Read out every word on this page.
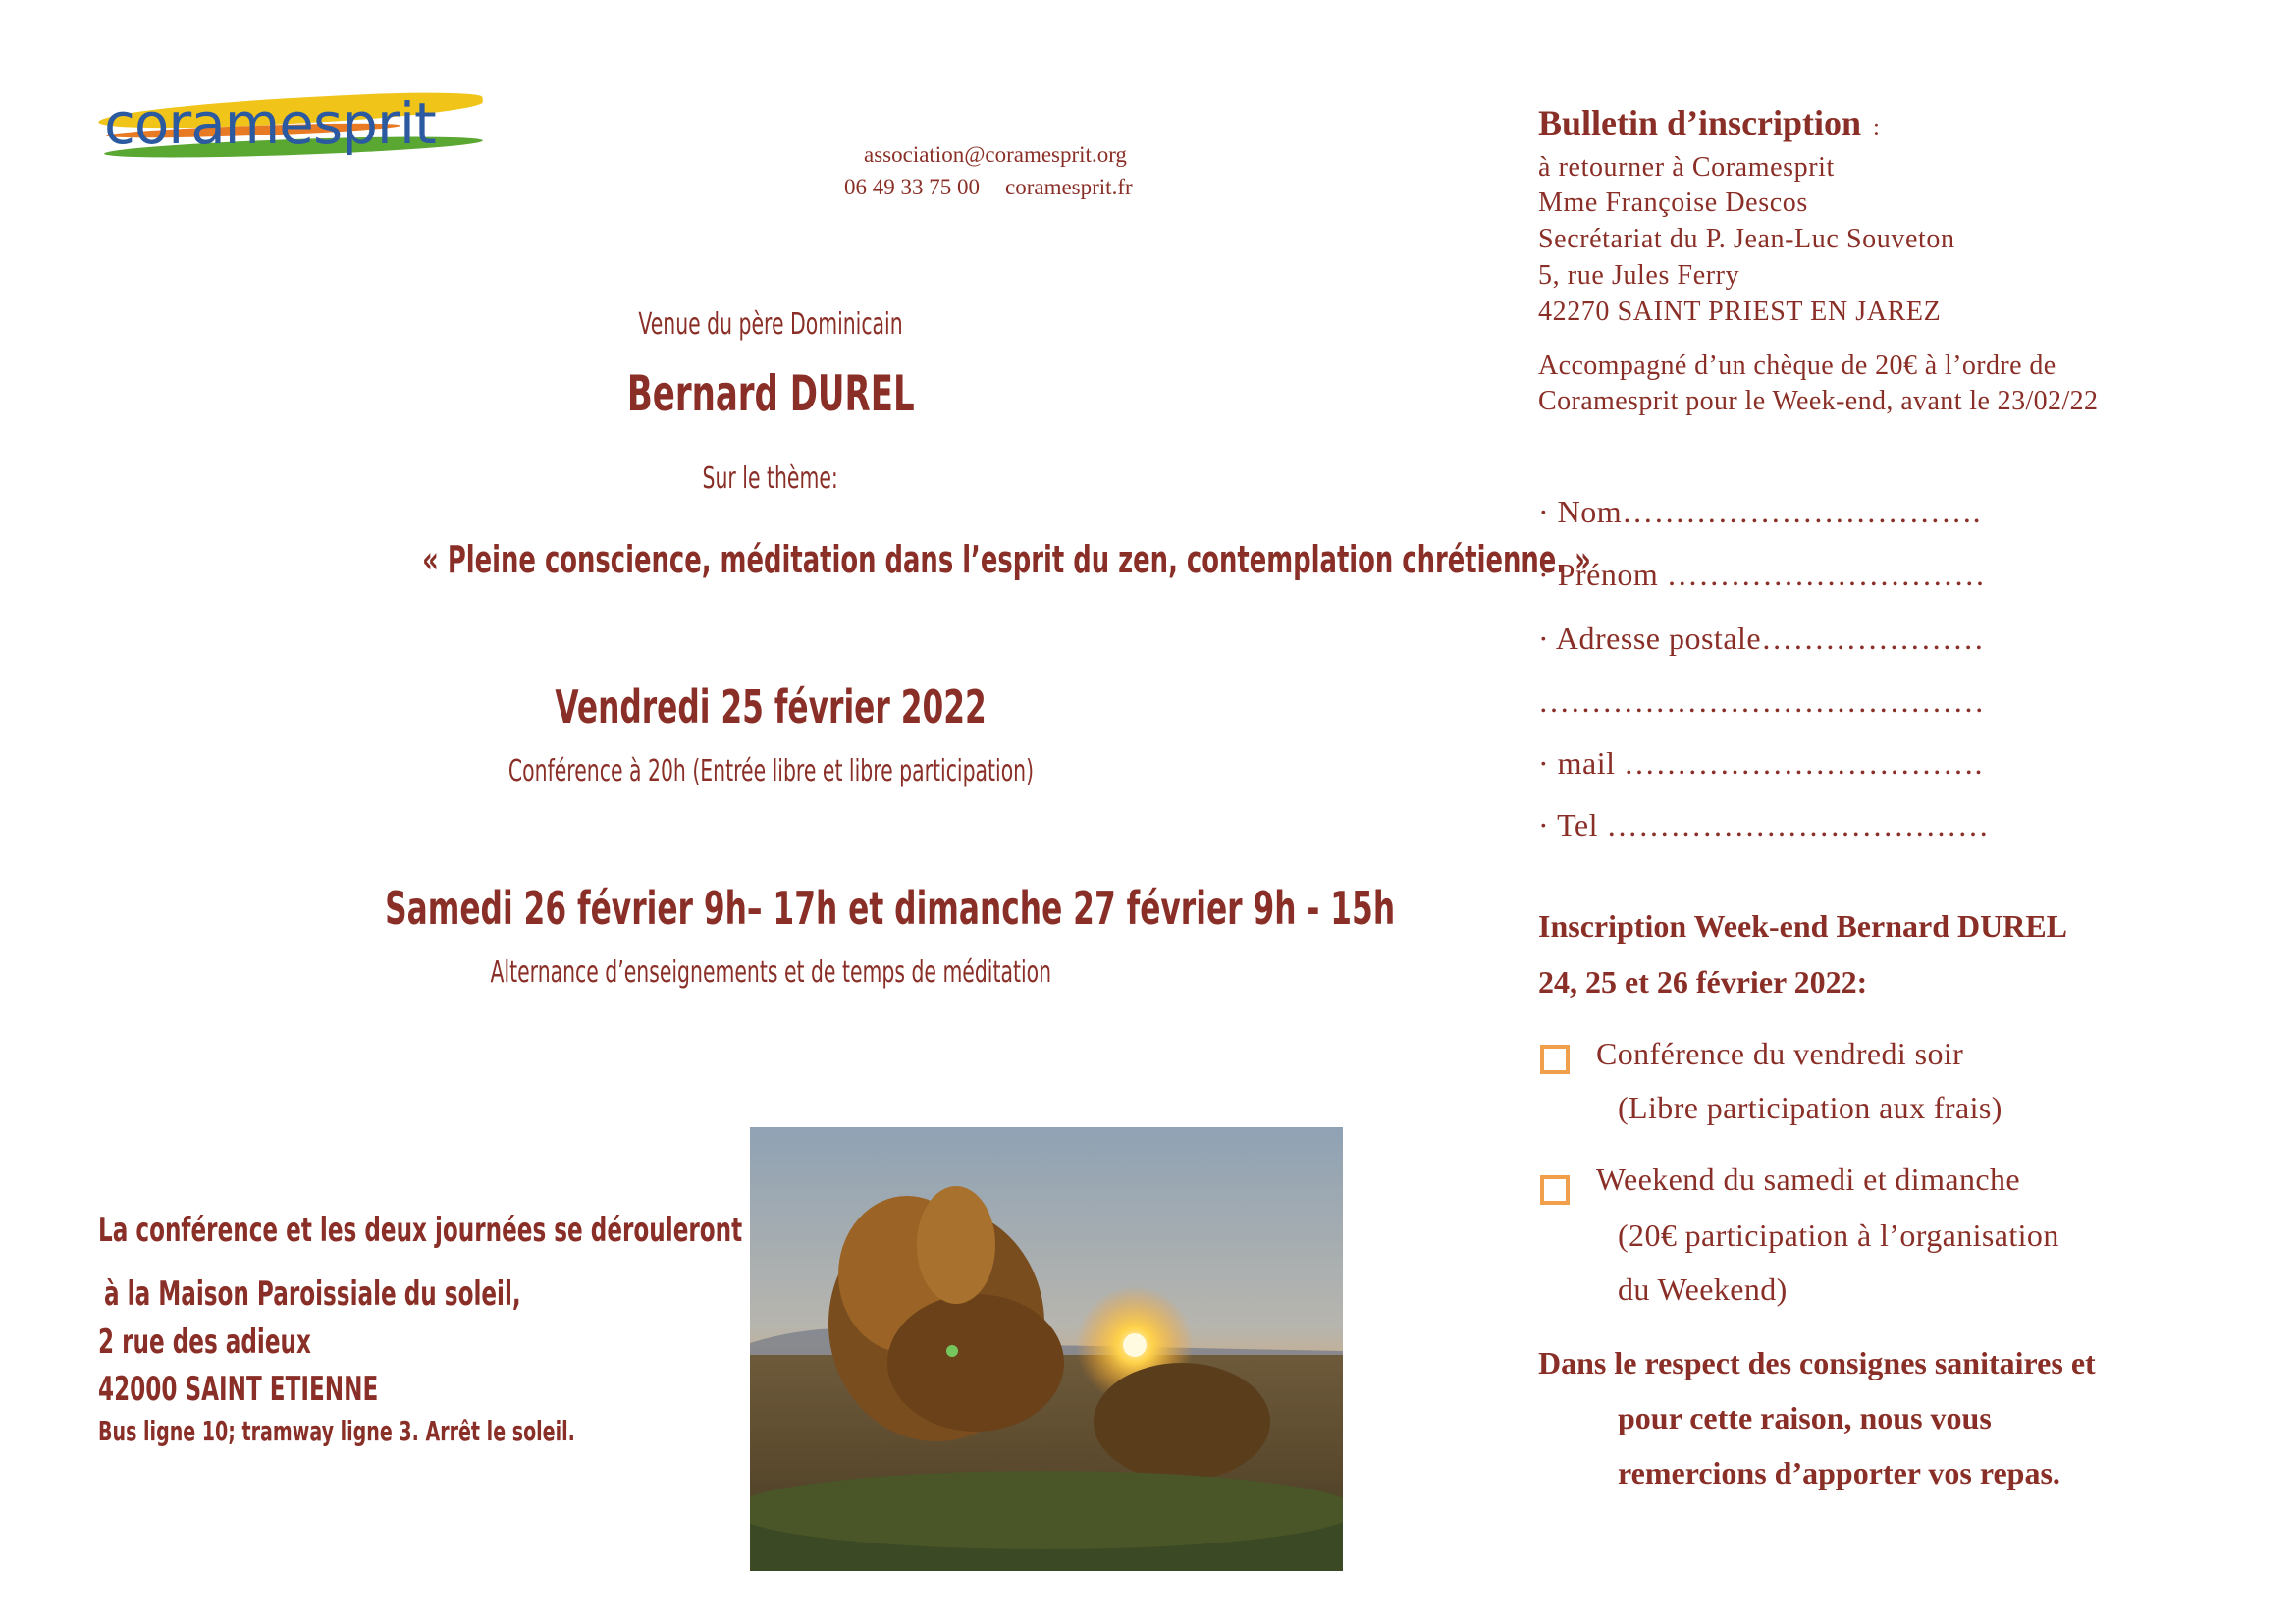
coramesprit	association@coramesprit.org
06 49 33 75 00 coramesprit.fr
Venue du père Dominicain
Bernard DUREL
Sur le thème:
« Pleine conscience, méditation dans l’esprit du zen, contemplation chrétienne. »
Vendredi 25 février 2022
Conférence à 20h (Entrée libre et libre participation)
Samedi 26 février 9h– 17h et dimanche 27 février 9h - 15h
Alternance d’enseignements et de temps de méditation
La conférence et les deux journées se dérouleront
à la Maison Paroissiale du soleil,
2 rue des adieux
42000 SAINT ETIENNE
Bus ligne 10; tramway ligne 3. Arrêt le soleil.
Bulletin d’inscription :
à retourner à Coramesprit
Mme Françoise Descos
Secrétariat du P. Jean-Luc Souveton
5, rue Jules Ferry
42270 SAINT PRIEST EN JAREZ
Accompagné d’un chèque de 20€ à l’ordre de
Coramesprit pour le Week-end, avant le 23/02/22
· Nom…………………………….
· Prénom …………………………
· Adresse postale…………………
……………………………………
· mail …………………………….
· Tel ………………………………
Inscription Week-end Bernard DUREL
24, 25 et 26 février 2022:
Conférence du vendredi soir
(Libre participation aux frais)
Weekend du samedi et dimanche
(20€ participation à l’organisation
du Weekend)
Dans le respect des consignes sanitaires et
pour cette raison, nous vous
remercions d’apporter vos repas.
